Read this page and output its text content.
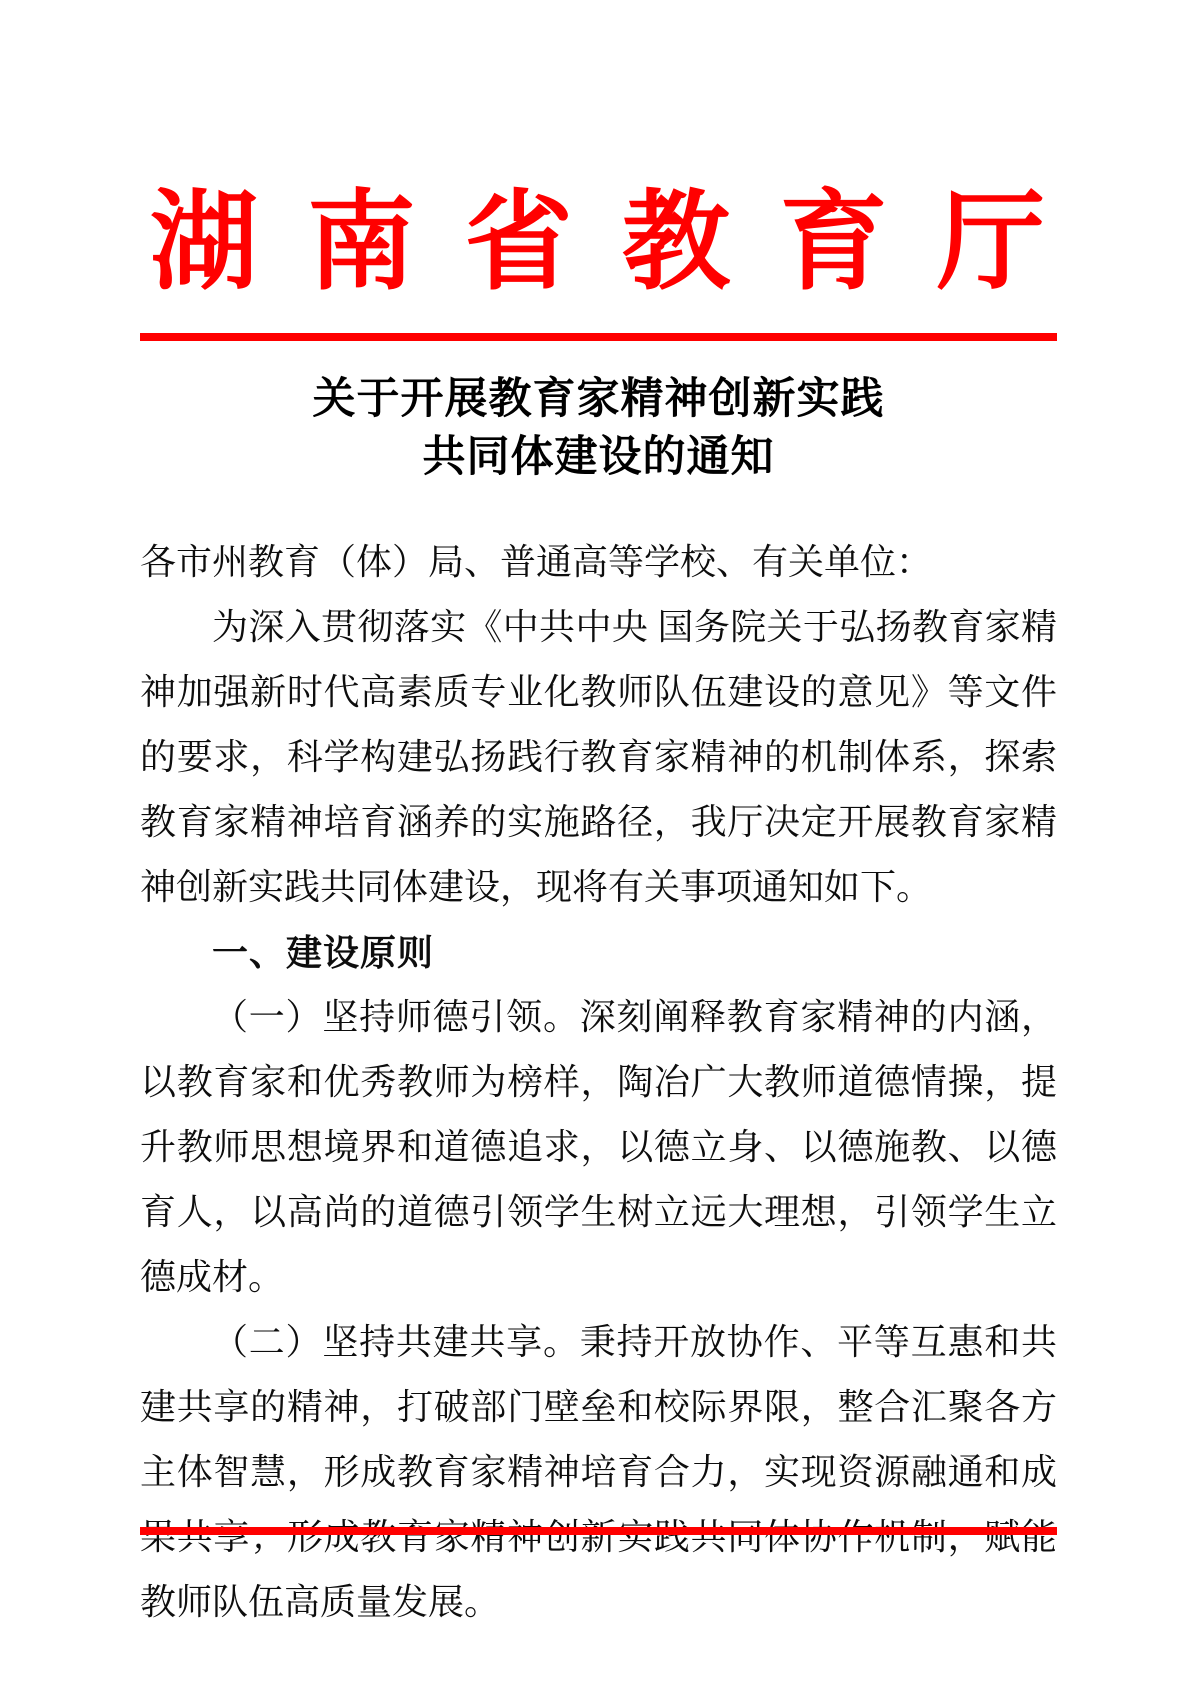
湖 南 省 教 育 厅
关于开展教育家精神创新实践
共同体建设的通知

各市州教育（体）局、普通高等学校、有关单位：

为深入贯彻落实《中共中央 国务院关于弘扬教育家精神加强新时代高素质专业化教师队伍建设的意见》等文件的要求，科学构建弘扬践行教育家精神的机制体系，探索教育家精神培育涵养的实施路径，我厅决定开展教育家精神创新实践共同体建设，现将有关事项通知如下。

一、建设原则

（一）坚持师德引领。深刻阐释教育家精神的内涵，以教育家和优秀教师为榜样，陶冶广大教师道德情操，提升教师思想境界和道德追求，以德立身、以德施教、以德育人，以高尚的道德引领学生树立远大理想，引领学生立德成材。

（二）坚持共建共享。秉持开放协作、平等互惠和共建共享的精神，打破部门壁垒和校际界限，整合汇聚各方主体智慧，形成教育家精神培育合力，实现资源融通和成果共享；形成教育家精神创新实践共同体协作机制，赋能教师队伍高质量发展。
